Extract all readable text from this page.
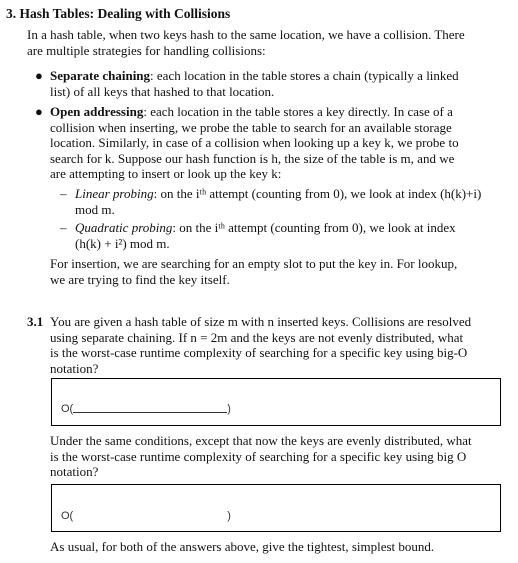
3. Hash Tables: Dealing with Collisions
In a hash table, when two keys hash to the same location, we have a collision. There
are multiple strategies for handling collisions:
● Separate chaining: each location in the table stores a chain (typically a linked
list) of all keys that hashed to that location.
● Open addressing: each location in the table stores a key directly. In case of a
collision when inserting, we probe the table to search for an available storage
location. Similarly, in case of a collision when looking up a key k, we probe to
search for k. Suppose our hash function is h, the size of the table is m, and we
are attempting to insert or look up the key k:
– Linear probing: on the iᵗʰ attempt (counting from 0), we look at index (h(k)+i)
mod m.
– Quadratic probing: on the iᵗʰ attempt (counting from 0), we look at index
(h(k) + i²) mod m.
For insertion, we are searching for an empty slot to put the key in. For lookup,
we are trying to find the key itself.
3.1 You are given a hash table of size m with n inserted keys. Collisions are resolved
using separate chaining. If n = 2m and the keys are not evenly distributed, what
is the worst-case runtime complexity of searching for a specific key using big-O
notation?
O(	)
Under the same conditions, except that now the keys are evenly distributed, what
is the worst-case runtime complexity of searching for a specific key using big O
notation?
O(	)
As usual, for both of the answers above, give the tightest, simplest bound.
